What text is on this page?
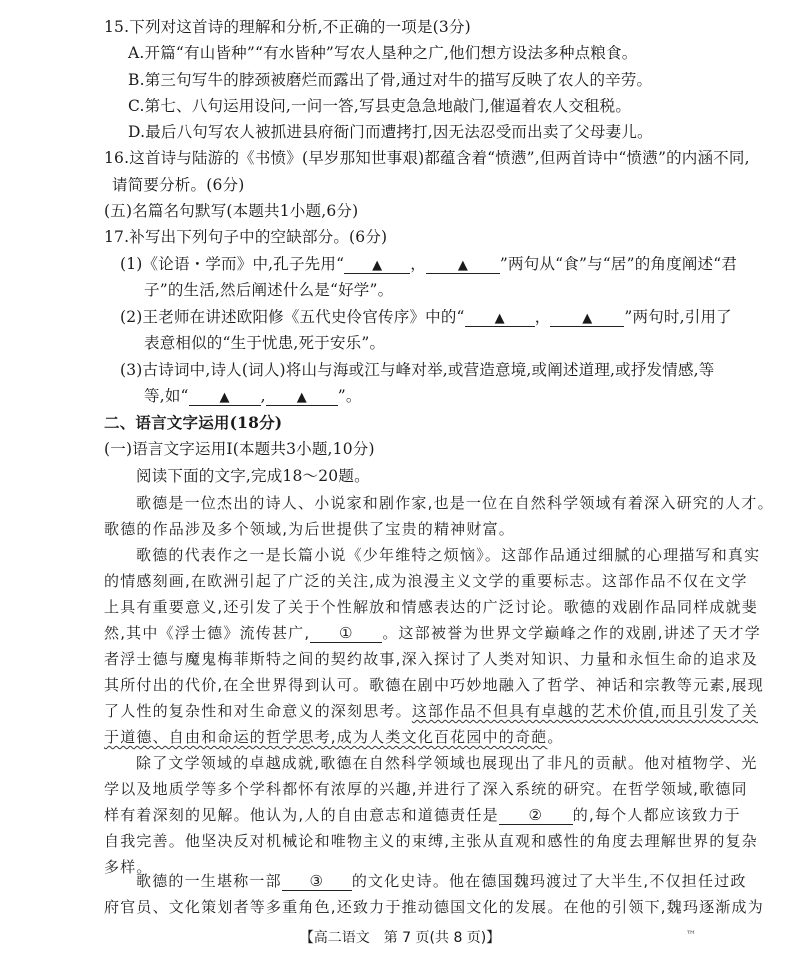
15.下列对这首诗的理解和分析,不正确的一项是(3分)
A.开篇“有山皆种”“有水皆种”写农人垦种之广,他们想方设法多种点粮食。
B.第三句写牛的脖颈被磨烂而露出了骨,通过对牛的描写反映了农人的辛劳。
C.第七、八句运用设问,一问一答,写县吏急急地敲门,催逼着农人交租税。
D.最后八句写农人被抓进县府衙门而遭拷打,因无法忍受而出卖了父母妻儿。
16.这首诗与陆游的《书愤》(早岁那知世事艰)都蕴含着“愤懑”,但两首诗中“愤懑”的内涵不同,
请简要分析。(6分)
(五)名篇名句默写(本题共1小题,6分)
17.补写出下列句子中的空缺部分。(6分)
(1)《论语・学而》中,孔子先用“ ▲ ， ▲ ”两句从“食”与“居”的角度阐述“君
子”的生活,然后阐述什么是“好学”。
(2)王老师在讲述欧阳修《五代史伶官传序》中的“ ▲ ， ▲ ”两句时,引用了
表意相似的“生于忧患,死于安乐”。
(3)古诗词中,诗人(词人)将山与海或江与峰对举,或营造意境,或阐述道理,或抒发情感,等
等,如“ ▲ , ▲ ”。
二、语言文字运用(18分)
(一)语言文字运用Ⅰ(本题共3小题,10分)
阅读下面的文字,完成18～20题。
歌德是一位杰出的诗人、小说家和剧作家,也是一位在自然科学领域有着深入研究的人才。
歌德的作品涉及多个领域,为后世提供了宝贵的精神财富。
歌德的代表作之一是长篇小说《少年维特之烦恼》。这部作品通过细腻的心理描写和真实
的情感刻画,在欧洲引起了广泛的关注,成为浪漫主义文学的重要标志。这部作品不仅在文学
上具有重要意义,还引发了关于个性解放和情感表达的广泛讨论。歌德的戏剧作品同样成就斐
然,其中《浮士德》流传甚广, ① 。这部被誉为世界文学巅峰之作的戏剧,讲述了天才学
者浮士德与魔鬼梅菲斯特之间的契约故事,深入探讨了人类对知识、力量和永恒生命的追求及
其所付出的代价,在全世界得到认可。歌德在剧中巧妙地融入了哲学、神话和宗教等元素,展现
了人性的复杂性和对生命意义的深刻思考。这部作品不但具有卓越的艺术价值,而且引发了关
于道德、自由和命运的哲学思考,成为人类文化百花园中的奇葩。
除了文学领域的卓越成就,歌德在自然科学领域也展现出了非凡的贡献。他对植物学、光
学以及地质学等多个学科都怀有浓厚的兴趣,并进行了深入系统的研究。在哲学领域,歌德同
样有着深刻的见解。他认为,人的自由意志和道德责任是 ② 的,每个人都应该致力于
自我完善。他坚决反对机械论和唯物主义的束缚,主张从直观和感性的角度去理解世界的复杂
多样。
歌德的一生堪称一部 ③ 的文化史诗。他在德国魏玛渡过了大半生,不仅担任过政
府官员、文化策划者等多重角色,还致力于推动德国文化的发展。在他的引领下,魏玛逐渐成为
【高二语文　第 7 页(共 8 页)】	™
